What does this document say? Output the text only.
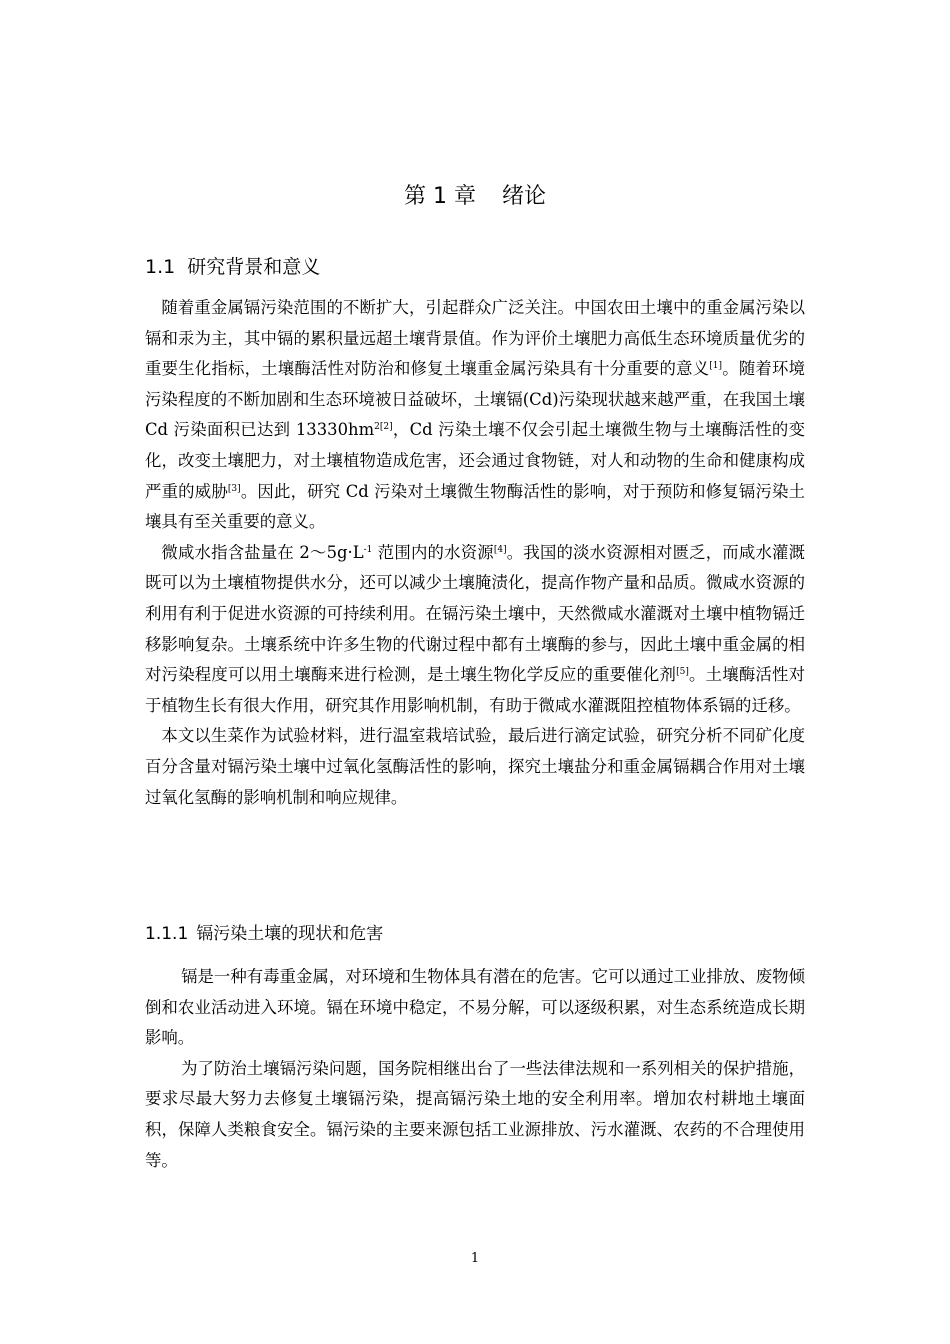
第 1 章 绪论
1.1 研究背景和意义

随着重金属镉污染范围的不断扩大，引起群众广泛关注。中国农田土壤中的重金属污染以镉和汞为主，其中镉的累积量远超土壤背景值。作为评价土壤肥力高低生态环境质量优劣的重要生化指标，土壤酶活性对防治和修复土壤重金属污染具有十分重要的意义[1]。随着环境污染程度的不断加剧和生态环境被日益破坏，土壤镉(Cd)污染现状越来越严重，在我国土壤 Cd 污染面积已达到 $13330hm^{2[2]}$，Cd 污染土壤不仅会引起土壤微生物与土壤酶活性的变化，改变土壤肥力，对土壤植物造成危害，还会通过食物链，对人和动物的生命和健康构成严重的威胁[3]。因此，研究 Cd 污染对土壤微生物酶活性的影响，对于预防和修复镉污染土壤具有至关重要的意义。

微咸水指含盐量在 $2\sim 5g\cdot L^{-1}$ 范围内的水资源[4]。我国的淡水资源相对匮乏，而咸水灌溉既可以为土壤植物提供水分，还可以减少土壤腌渍化，提高作物产量和品质。微咸水资源的利用有利于促进水资源的可持续利用。在镉污染土壤中，天然微咸水灌溉对土壤中植物镉迁移影响复杂。土壤系统中许多生物的代谢过程中都有土壤酶的参与，因此土壤中重金属的相对污染程度可以用土壤酶来进行检测，是土壤生物化学反应的重要催化剂[5]。土壤酶活性对于植物生长有很大作用，研究其作用影响机制，有助于微咸水灌溉阻控植物体系镉的迁移。

本文以生菜作为试验材料，进行温室栽培试验，最后进行滴定试验，研究分析不同矿化度百分含量对镉污染土壤中过氧化氢酶活性的影响，探究土壤盐分和重金属镉耦合作用对土壤过氧化氢酶的影响机制和响应规律。

1.1.1 镉污染土壤的现状和危害

镉是一种有毒重金属，对环境和生物体具有潜在的危害。它可以通过工业排放、废物倾倒和农业活动进入环境。镉在环境中稳定，不易分解，可以逐级积累，对生态系统造成长期影响。

为了防治土壤镉污染问题，国务院相继出台了一些法律法规和一系列相关的保护措施，要求尽最大努力去修复土壤镉污染，提高镉污染土地的安全利用率。增加农村耕地土壤面积，保障人类粮食安全。镉污染的主要来源包括工业源排放、污水灌溉、农药的不合理使用等。

1
